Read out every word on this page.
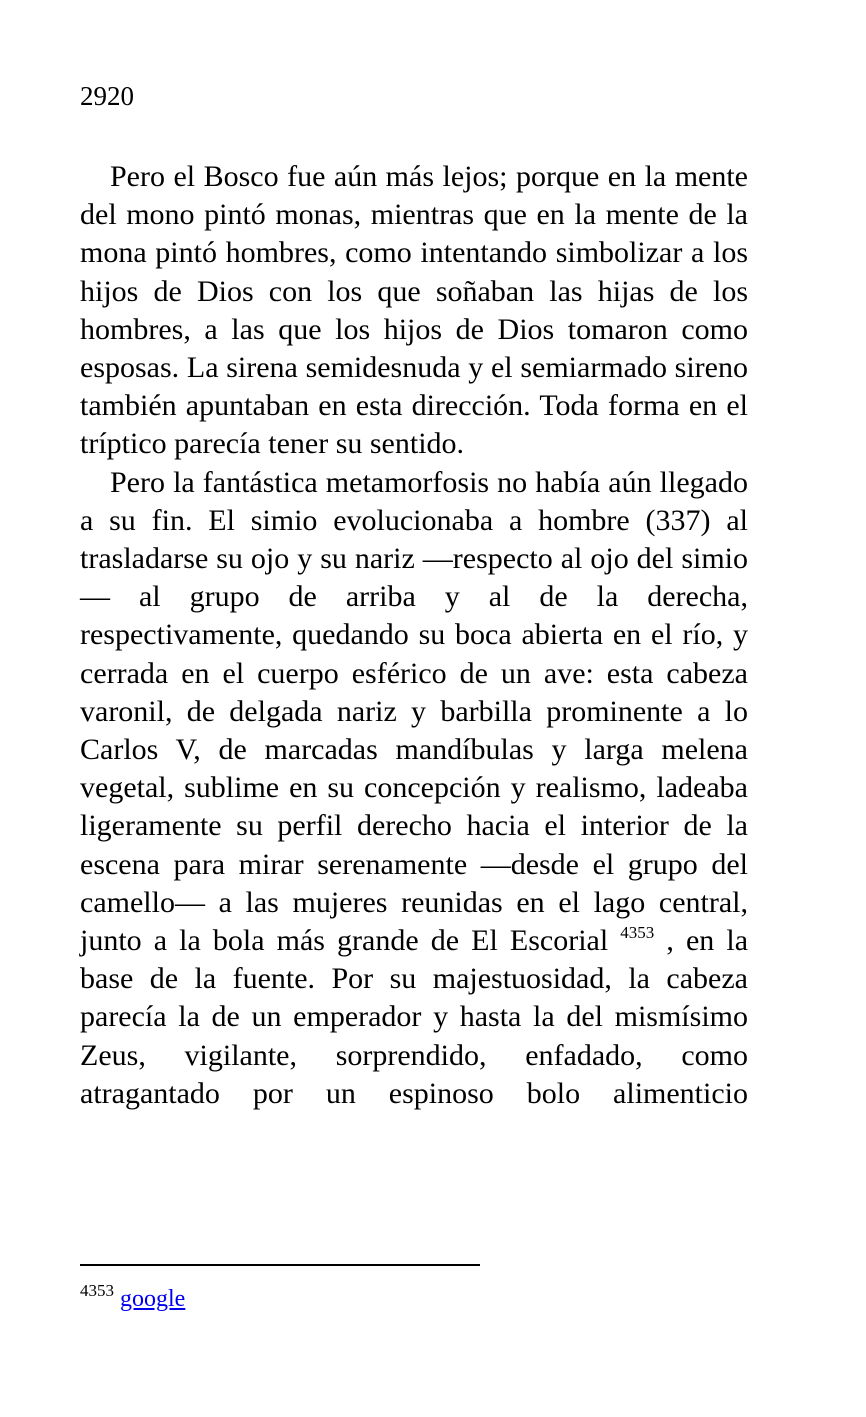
2920

Pero el Bosco fue aún más lejos; porque en la mente del mono pintó monas, mientras que en la mente de la mona pintó hombres, como intentando simbolizar a los hijos de Dios con los que soñaban las hijas de los hombres, a las que los hijos de Dios tomaron como esposas. La sirena semidesnuda y el semiarmado sireno también apuntaban en esta dirección. Toda forma en el tríptico parecía tener su sentido.

Pero la fantástica metamorfosis no había aún llegado a su fin. El simio evolucionaba a hombre (337) al trasladarse su ojo y su nariz —respecto al ojo del simio— al grupo de arriba y al de la derecha, respectivamente, quedando su boca abierta en el río, y cerrada en el cuerpo esférico de un ave: esta cabeza varonil, de delgada nariz y barbilla prominente a lo Carlos V, de marcadas mandíbulas y larga melena vegetal, sublime en su concepción y realismo, ladeaba ligeramente su perfil derecho hacia el interior de la escena para mirar serenamente —desde el grupo del camello— a las mujeres reunidas en el lago central, junto a la bola más grande de El Escorial $^{4353}$ , en la base de la fuente. Por su majestuosidad, la cabeza parecía la de un emperador y hasta la del mismísimo Zeus, vigilante, sorprendido, enfadado, como atragantado por un espinoso bolo alimenticio

$^{4353}$ google
